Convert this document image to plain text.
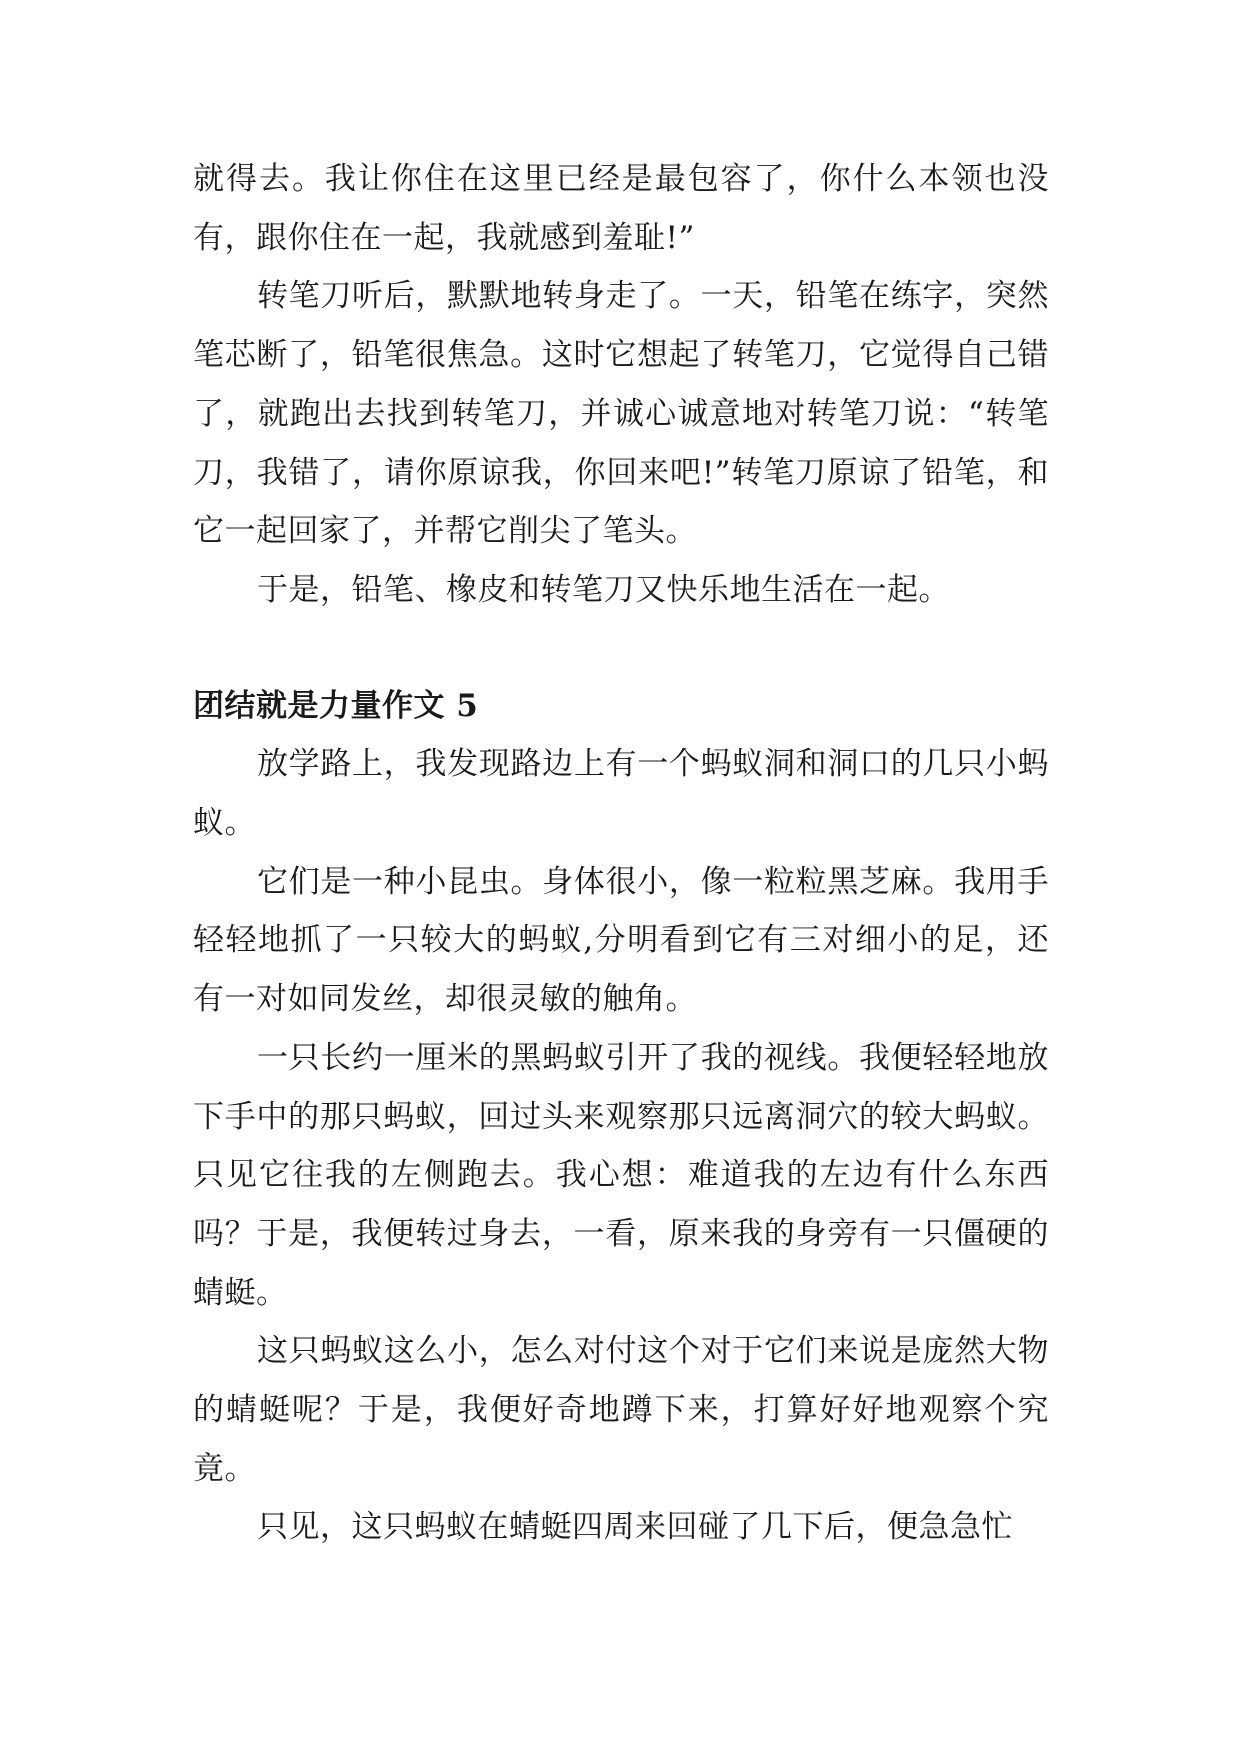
就得去。我让你住在这里已经是最包容了，你什么本领也没有，跟你住在一起，我就感到羞耻!”

转笔刀听后，默默地转身走了。一天，铅笔在练字，突然笔芯断了，铅笔很焦急。这时它想起了转笔刀，它觉得自己错了，就跑出去找到转笔刀，并诚心诚意地对转笔刀说：“转笔刀，我错了，请你原谅我，你回来吧!”转笔刀原谅了铅笔，和它一起回家了，并帮它削尖了笔头。

于是，铅笔、橡皮和转笔刀又快乐地生活在一起。

团结就是力量作文 5

放学路上，我发现路边上有一个蚂蚁洞和洞口的几只小蚂蚁。

它们是一种小昆虫。身体很小，像一粒粒黑芝麻。我用手轻轻地抓了一只较大的蚂蚁,分明看到它有三对细小的足，还有一对如同发丝，却很灵敏的触角。

一只长约一厘米的黑蚂蚁引开了我的视线。我便轻轻地放下手中的那只蚂蚁，回过头来观察那只远离洞穴的较大蚂蚁。只见它往我的左侧跑去。我心想：难道我的左边有什么东西吗？于是，我便转过身去，一看，原来我的身旁有一只僵硬的蜻蜓。

这只蚂蚁这么小，怎么对付这个对于它们来说是庞然大物的蜻蜓呢？于是，我便好奇地蹲下来，打算好好地观察个究竟。

只见，这只蚂蚁在蜻蜓四周来回碰了几下后，便急急忙
